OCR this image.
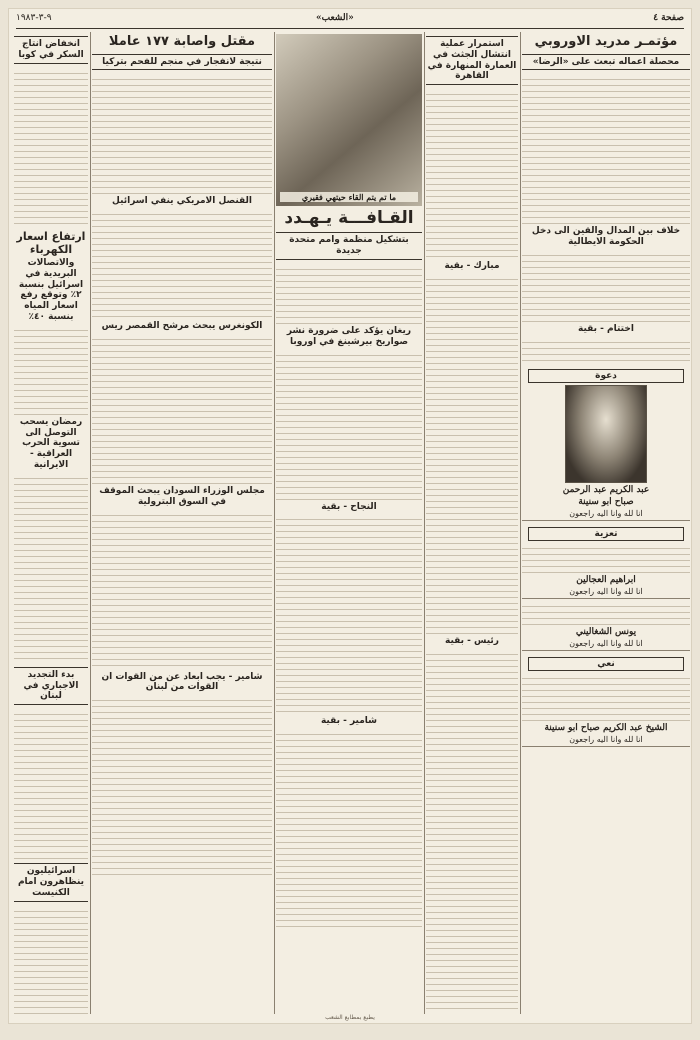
٩-٣-١٩٨٣	«الشعب»	صفحة ٤
مؤتمـر مدريد الاوروبي
محصلة اعماله تبعث على «الرضا»
خلاف بين المدال والقين الى دخل الحكومة الايطالية
اختتام - بقية
دعوة
عبد الكريم عبد الرحمن
صباح ابو سنينة
انا لله وانا اليه راجعون
تعزية
ابراهيم العجالين
انا لله وانا اليه راجعون
يونس الشغاليني
انا لله وانا اليه راجعون
نعي
الشيخ عبد الكريم صباح ابو سنينة
انا لله وانا اليه راجعون
استمرار عملية انتشال الجثث في العمارة المنهارة في القاهرة
مبارك - بقية
رئيس - بقية
ما تم يتم القاء حيتهي فقيري
القـافـــة يـهـدد
بتشكيل منظمة وامم متحدة جديدة
ريغان يؤكد على ضرورة نشر صواريخ بيرشينغ في اوروبا
النجاح - بقية
شامير - بقية
مقتل واصابة ١٧٧ عاملا
نتيجة لانفجار في منجم للفحم بتركيا
القنصل الامريكي ينفي اسرائيل
الكونغرس يبحث مرشح القمصر ريس
مجلس الوزراء السودان يبحث الموقف في السوق البترولية
شامير - يجب ابعاد عن من القوات ان القوات من لبنان
انخفاض انتاج السكر في كوبا
ارتفاع اسعار الكهرباء
والاتصالات البريدية في اسرائيل بنسبة ٢٪ وتوقع رفع اسعار المياه بنسبة ٤٠٪
رمضان يسحب التوصل الى تسوية الحرب العراقية - الايرانية
بدء التجديد الاجباري في لبنان
اسرائيليون ينظاهرون امام الكنيست
يطبع بمطابع الشعب
